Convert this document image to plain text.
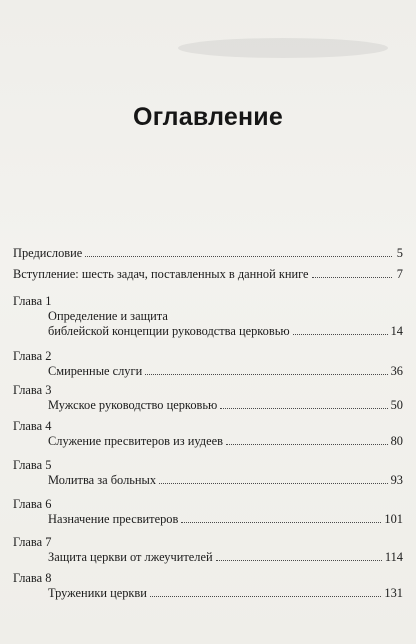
Оглавление
Предисловие	5
Вступление: шесть задач, поставленных в данной книге	7
Глава 1
Определение и защита
библейской концепции руководства церковью	14
Глава 2
Смиренные слуги	36
Глава 3
Мужское руководство церковью	50
Глава 4
Служение пресвитеров из иудеев	80
Глава 5
Молитва за больных	93
Глава 6
Назначение пресвитеров	101
Глава 7
Защита церкви от лжеучителей	114
Глава 8
Труженики церкви	131
